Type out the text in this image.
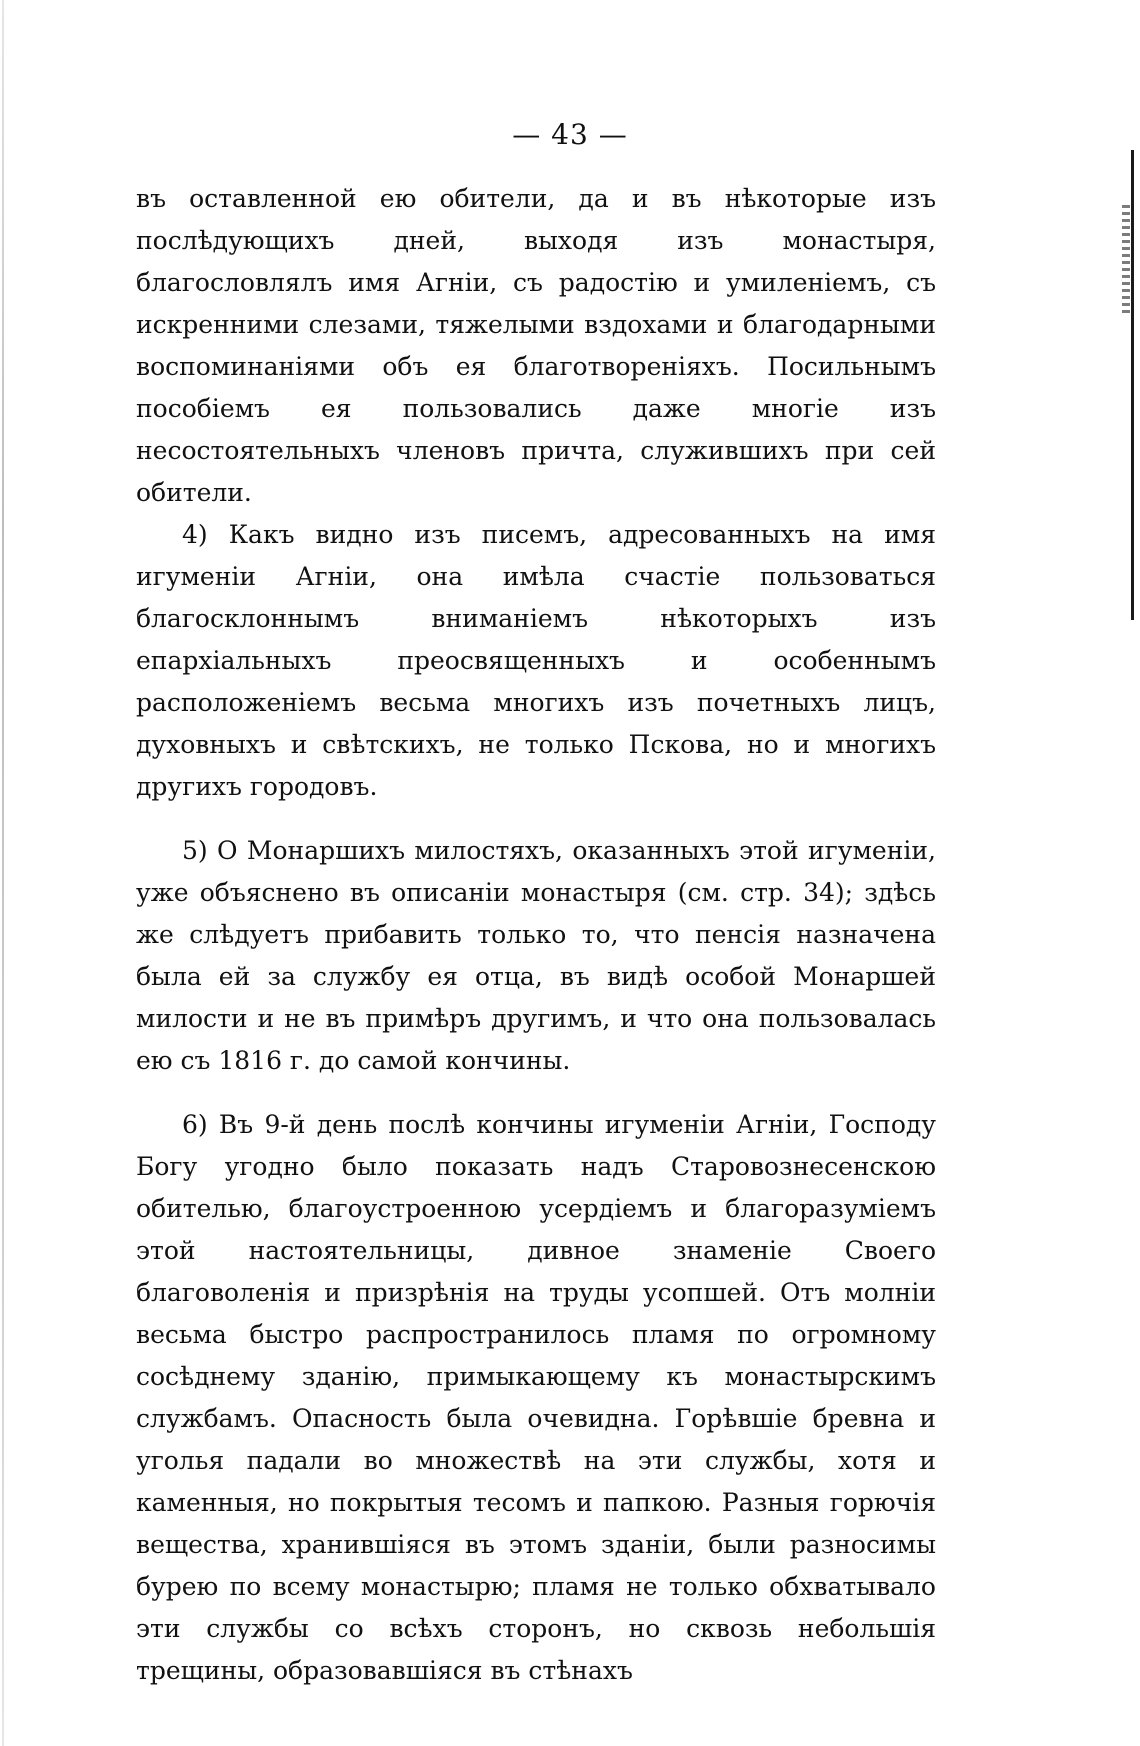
— 43 —

въ оставленной ею обители, да и въ нѣкоторые изъ послѣдующихъ дней, выходя изъ монастыря, благословлялъ имя Агніи, съ радостію и умиленіемъ, съ искренними слезами, тяжелыми вздохами и благодарными воспоминаніями объ ея благотвореніяхъ. Посильнымъ пособіемъ ея пользовались даже многіе изъ несостоятельныхъ членовъ причта, служившихъ при сей обители.

4) Какъ видно изъ писемъ, адресованныхъ на имя игуменіи Агніи, она имѣла счастіе пользоваться благосклоннымъ вниманіемъ нѣкоторыхъ изъ епархіальныхъ преосвященныхъ и особеннымъ расположеніемъ весьма многихъ изъ почетныхъ лицъ, духовныхъ и свѣтскихъ, не только Пскова, но и многихъ другихъ городовъ.

5) О Монаршихъ милостяхъ, оказанныхъ этой игуменіи, уже объяснено въ описаніи монастыря (см. стр. 34); здѣсь же слѣдуетъ прибавить только то, что пенсія назначена была ей за службу ея отца, въ видѣ особой Монаршей милости и не въ примѣръ другимъ, и что она пользовалась ею съ 1816 г. до самой кончины.

6) Въ 9-й день послѣ кончины игуменіи Агніи, Господу Богу угодно было показать надъ Старовознесенскою обителью, благоустроенною усердіемъ и благоразуміемъ этой настоятельницы, дивное знаменіе Своего благоволенія и призрѣнія на труды усопшей. Отъ молніи весьма быстро распространилось пламя по огромному сосѣднему зданію, примыкающему къ монастырскимъ службамъ. Опасность была очевидна. Горѣвшіе бревна и уголья падали во множествѣ на эти службы, хотя и каменныя, но покрытыя тесомъ и папкою. Разныя горючія вещества, хранившіяся въ этомъ зданіи, были разносимы бурею по всему монастырю; пламя не только обхватывало эти службы со всѣхъ сторонъ, но сквозь небольшія трещины, образовавшіяся въ стѣнахъ
